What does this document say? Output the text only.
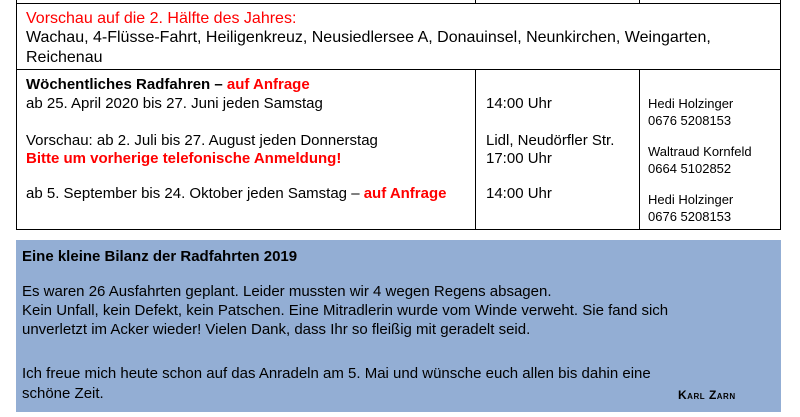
Vorschau auf die 2. Hälfte des Jahres:
Wachau, 4-Flüsse-Fahrt, Heiligenkreuz, Neusiedlersee A, Donauinsel, Neunkirchen, Weingarten,
Reichenau
Wöchentliches Radfahren – auf Anfrage
ab 25. April 2020 bis 27. Juni jeden Samstag
Vorschau: ab 2. Juli bis 27. August jeden Donnerstag
Bitte um vorherige telefonische Anmeldung!
ab 5. September bis 24. Oktober jeden Samstag – auf Anfrage
14:00 Uhr
Lidl, Neudörfler Str.
17:00 Uhr
14:00 Uhr
Hedi Holzinger
0676 5208153
Waltraud Kornfeld
0664 5102852
Hedi Holzinger
0676 5208153
Eine kleine Bilanz der Radfahrten 2019
Es waren 26 Ausfahrten geplant. Leider mussten wir 4 wegen Regens absagen.
Kein Unfall, kein Defekt, kein Patschen. Eine Mitradlerin wurde vom Winde verweht. Sie fand sich
unverletzt im Acker wieder! Vielen Dank, dass Ihr so fleißig mit geradelt seid.
Ich freue mich heute schon auf das Anradeln am 5. Mai und wünsche euch allen bis dahin eine
schöne Zeit.	Karl Zarn
